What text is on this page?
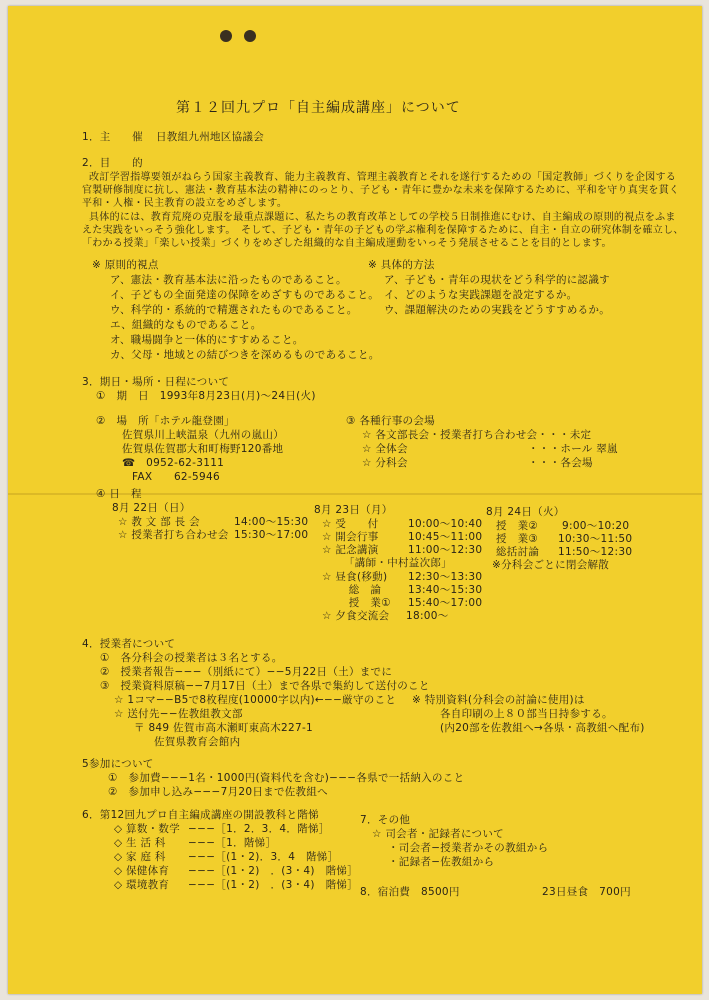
第１２回九プロ「自主編成講座」について
1．主　　催 日教組九州地区協議会
2．目　　的
改訂学習指導要領がねらう国家主義教育、能力主義教育、管理主義教育とそれを遂行するための「国定教師」づくりを企図する
官製研修制度に抗し、憲法・教育基本法の精神にのっとり、子ども・青年に豊かな未来を保障するために、平和を守り真実を貫く
平和・人権・民主教育の設立をめざします。
具体的には、教育荒廃の克服を最重点課題に、私たちの教育改革としての学校５日制推進にむけ、自主編成の原則的視点をふま
えた実践をいっそう強化します。　そして、子ども・青年の子どもの学ぶ権利を保障するために、自主・自立の研究体制を確立し、
「わかる授業」「楽しい授業」づくりをめざした組織的な自主編成運動をいっそう発展させることを目的とします。
※ 原則的視点
ア、憲法・教育基本法に沿ったものであること。
イ、子どもの全面発達の保障をめざすものであること。
ウ、科学的・系統的で精選されたものであること。
エ、組織的なものであること。
オ、職場闘争と一体的にすすめること。
カ、父母・地域との結びつきを深めるものであること。
※ 具体的方法
ア、子ども・青年の現状をどう科学的に認識す
イ、どのような実践課題を設定するか。
ウ、課題解決のための実践をどうすすめるか。
3．期日・場所・日程について
①　期　日　1993年8月23日(月)〜24日(火)
②　場　所「ホテル龍登園」
佐賀県川上峡温泉（九州の嵐山）
佐賀県佐賀郡大和町梅野120番地
☎　0952-62-3111
FAX　　62-5946
③ 各種行事の会場
☆ 各文部長会・授業者打ち合わせ会・・・未定
☆ 全体会	・・・ホール 翠嵐
☆ 分科会	・・・各会場
④ 日　程
8月 22日（日）
☆ 教 文 部 長 会	14:00〜15:30
☆ 授業者打ち合わせ会 15:30〜17:00
8月 23日（月）
☆ 受　　付	10:00〜10:40
☆ 開会行事	10:45〜11:00
☆ 記念講演	11:00〜12:30
「講師・中村益次郎」
☆ 昼食(移動) 12:30〜13:30
　総　論	13:40〜15:30
　授　業① 15:40〜17:00
☆ 夕食交流会 18:00〜
8月 24日（火）
授　業② 9:00〜10:20
授　業③ 10:30〜11:50
総括討論 11:50〜12:30
※分科会ごとに閉会解散
4．授業者について
①　各分科会の授業者は３名とする。
②　授業者報告−−−（別紙にて）−−5月22日（土）までに
③　授業資料原稿−−7月17日（土）まで各県で集約して送付のこと
☆ 1コマ−−B5で8枚程度(10000字以内)←−−厳守のこと
☆ 送付先−−佐教組教文部
〒 849 佐賀市高木瀬町東高木227-1
佐賀県教育会館内
※ 特別資料(分科会の討論に使用)は
各自印刷の上８０部当日持参する。
(内20部を佐教組へ→各県・高教組へ配布)
5参加について
①　参加費−−−1名・1000円(資料代を含む)−−−各県で一括納入のこと
②　参加申し込み−−−7月20日まで佐教組へ
6．第12回九プロ自主編成講座の開設教科と階悌
◇ 算数・数学 −−−［1．2．3．4．階悌］
◇ 生 活 科 −−−［1．階悌］
◇ 家 庭 科 −−−［(1・2)．3．4　階悌］
◇ 保健体育 −−−［(1・2)　．(3・4)　階悌］
◇ 環境教育 −−−［(1・2)　．(3・4)　階悌］
7．その他
☆ 司会者・記録者について
・司会者−授業者かその教組から
・記録者−佐教組から
8．宿泊費　8500円	23日昼食　700円
